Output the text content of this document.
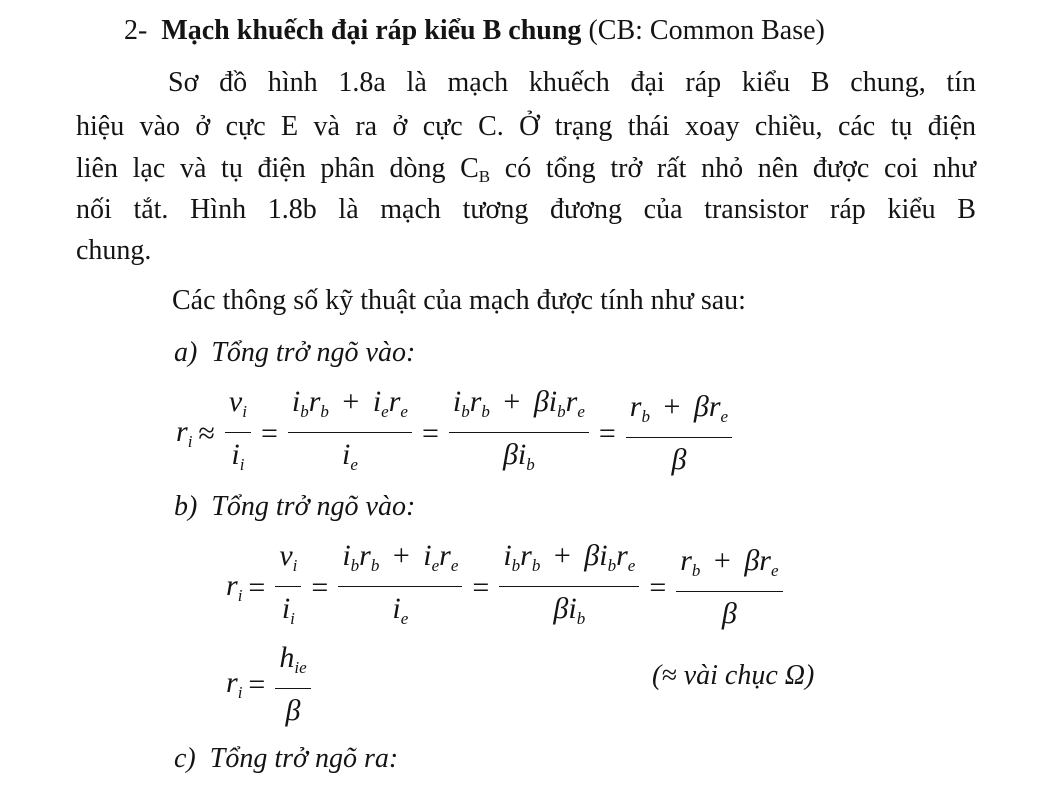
2- Mạch khuếch đại ráp kiểu B chung (CB: Common Base)
Sơ đồ hình 1.8a là mạch khuếch đại ráp kiểu B chung, tín
hiệu vào ở cực E và ra ở cực C. Ở trạng thái xoay chiều, các tụ điện
liên lạc và tụ điện phân dòng CB có tổng trở rất nhỏ nên được coi như
nối tắt. Hình 1.8b là mạch tương đương của transistor ráp kiểu B
chung.
Các thông số kỹ thuật của mạch được tính như sau:
a) Tổng trở ngõ vào:
$r_i \approx \frac{v_i}{i_i} = \frac{i_br_b + i_er_e}{i_e} = \frac{i_br_b + \beta i_br_e}{\beta i_b} = \frac{r_b + \beta r_e}{\beta}$
b) Tổng trở ngõ vào:
$r_i = \frac{v_i}{i_i} = \frac{i_br_b + i_er_e}{i_e} = \frac{i_br_b + \beta i_br_e}{\beta i_b} = \frac{r_b + \beta r_e}{\beta}$
$r_i = \frac{h_{ie}}{\beta}$	(≈ vài chục Ω)
c) Tổng trở ngõ ra:
